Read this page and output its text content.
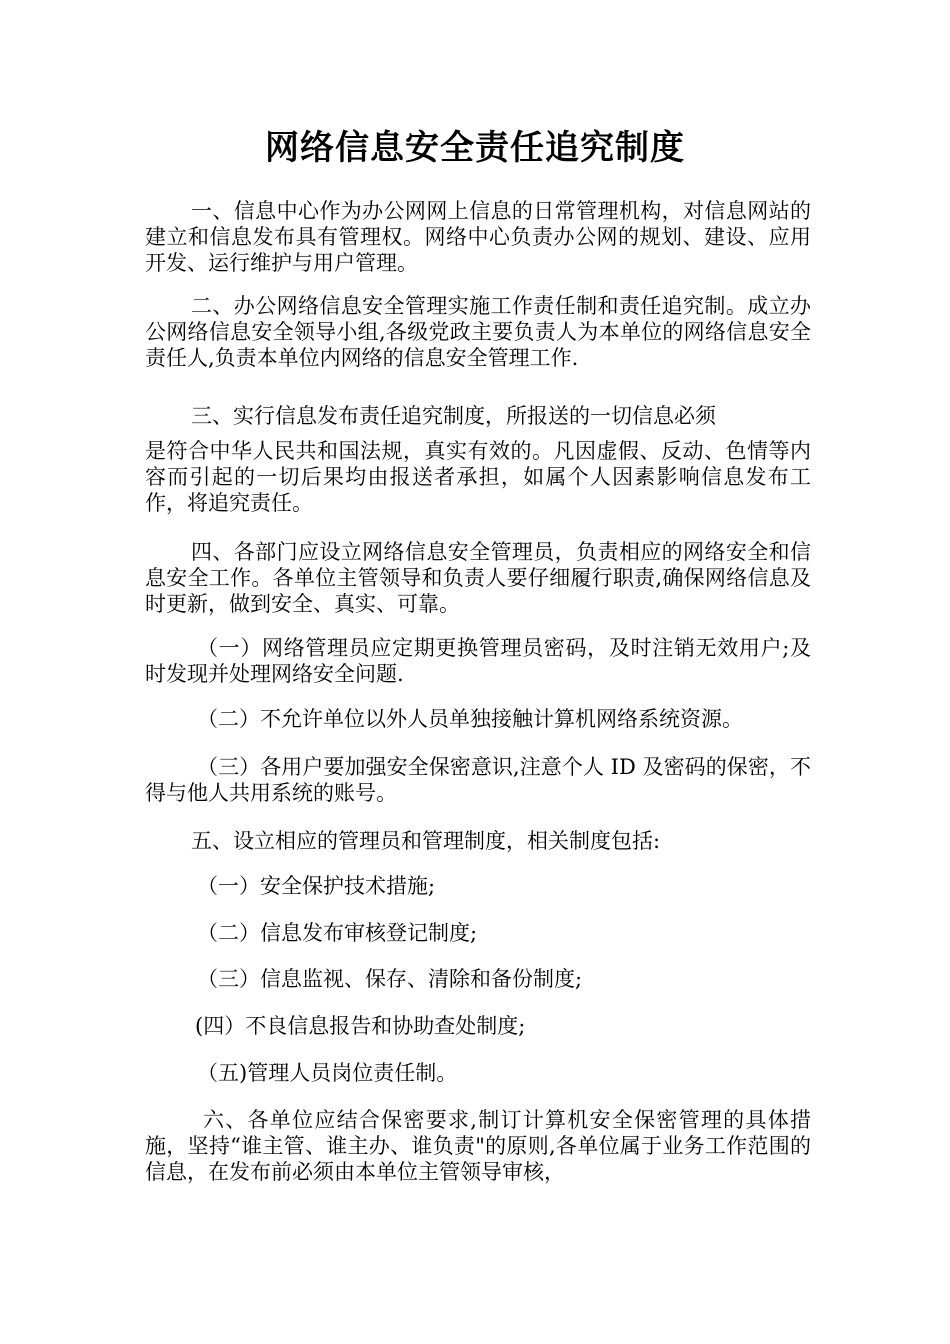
网络信息安全责任追究制度

一、信息中心作为办公网网上信息的日常管理机构，对信息网站的建立和信息发布具有管理权。网络中心负责办公网的规划、建设、应用开发、运行维护与用户管理。

二、办公网络信息安全管理实施工作责任制和责任追究制。成立办公网络信息安全领导小组,各级党政主要负责人为本单位的网络信息安全责任人,负责本单位内网络的信息安全管理工作.

三、实行信息发布责任追究制度，所报送的一切信息必须

是符合中华人民共和国法规，真实有效的。凡因虚假、反动、色情等内容而引起的一切后果均由报送者承担，如属个人因素影响信息发布工作，将追究责任。

四、各部门应设立网络信息安全管理员，负责相应的网络安全和信息安全工作。各单位主管领导和负责人要仔细履行职责,确保网络信息及时更新，做到安全、真实、可靠。

（一）网络管理员应定期更换管理员密码，及时注销无效用户;及时发现并处理网络安全问题.

（二）不允许单位以外人员单独接触计算机网络系统资源。

（三）各用户要加强安全保密意识,注意个人 ID 及密码的保密，不得与他人共用系统的账号。

五、设立相应的管理员和管理制度，相关制度包括:

（一）安全保护技术措施;

（二）信息发布审核登记制度;

（三）信息监视、保存、清除和备份制度;

(四）不良信息报告和协助查处制度;

（五)管理人员岗位责任制。

六、各单位应结合保密要求,制订计算机安全保密管理的具体措施，坚持“谁主管、谁主办、谁负责"的原则,各单位属于业务工作范围的信息，在发布前必须由本单位主管领导审核，
